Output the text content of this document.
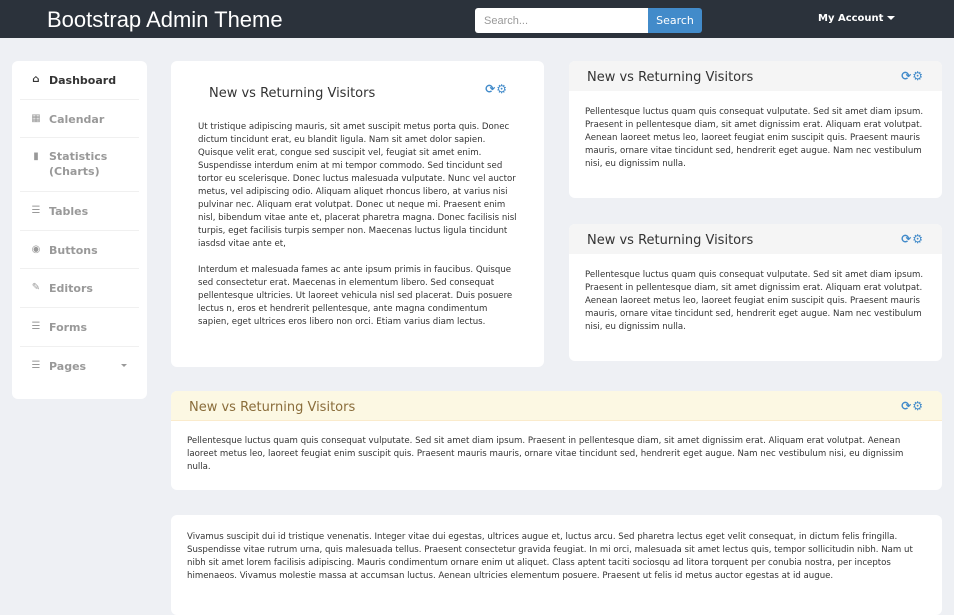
Bootstrap Admin Theme
Search...	Search	My Account
⌂ Dashboard
▦ Calendar
▮ Statistics (Charts)
☰ Tables
◉ Buttons
✎ Editors
☰ Forms
☰ Pages
New vs Returning Visitors	⟳⚙

Ut tristique adipiscing mauris, sit amet suscipit metus porta quis. Donec dictum tincidunt erat, eu blandit ligula. Nam sit amet dolor sapien. Quisque velit erat, congue sed suscipit vel, feugiat sit amet enim. Suspendisse interdum enim at mi tempor commodo. Sed tincidunt sed tortor eu scelerisque. Donec luctus malesuada vulputate. Nunc vel auctor metus, vel adipiscing odio. Aliquam aliquet rhoncus libero, at varius nisi pulvinar nec. Aliquam erat volutpat. Donec ut neque mi. Praesent enim nisl, bibendum vitae ante et, placerat pharetra magna. Donec facilisis nisl turpis, eget facilisis turpis semper non. Maecenas luctus ligula tincidunt iasdsd vitae ante et,

Interdum et malesuada fames ac ante ipsum primis in faucibus. Quisque sed consectetur erat. Maecenas in elementum libero. Sed consequat pellentesque ultricies. Ut laoreet vehicula nisl sed placerat. Duis posuere lectus n, eros et hendrerit pellentesque, ante magna condimentum sapien, eget ultrices eros libero non orci. Etiam varius diam lectus.

New vs Returning Visitors	⟳⚙
Pellentesque luctus quam quis consequat vulputate. Sed sit amet diam ipsum. Praesent in pellentesque diam, sit amet dignissim erat. Aliquam erat volutpat. Aenean laoreet metus leo, laoreet feugiat enim suscipit quis. Praesent mauris mauris, ornare vitae tincidunt sed, hendrerit eget augue. Nam nec vestibulum nisi, eu dignissim nulla.
New vs Returning Visitors	⟳⚙
Pellentesque luctus quam quis consequat vulputate. Sed sit amet diam ipsum. Praesent in pellentesque diam, sit amet dignissim erat. Aliquam erat volutpat. Aenean laoreet metus leo, laoreet feugiat enim suscipit quis. Praesent mauris mauris, ornare vitae tincidunt sed, hendrerit eget augue. Nam nec vestibulum nisi, eu dignissim nulla.
New vs Returning Visitors	⟳⚙
Pellentesque luctus quam quis consequat vulputate. Sed sit amet diam ipsum. Praesent in pellentesque diam, sit amet dignissim erat. Aliquam erat volutpat. Aenean laoreet metus leo, laoreet feugiat enim suscipit quis. Praesent mauris mauris, ornare vitae tincidunt sed, hendrerit eget augue. Nam nec vestibulum nisi, eu dignissim nulla.
Vivamus suscipit dui id tristique venenatis. Integer vitae dui egestas, ultrices augue et, luctus arcu. Sed pharetra lectus eget velit consequat, in dictum felis fringilla. Suspendisse vitae rutrum urna, quis malesuada tellus. Praesent consectetur gravida feugiat. In mi orci, malesuada sit amet lectus quis, tempor sollicitudin nibh. Nam ut nibh sit amet lorem facilisis adipiscing. Mauris condimentum ornare enim ut aliquet. Class aptent taciti sociosqu ad litora torquent per conubia nostra, per inceptos himenaeos. Vivamus molestie massa at accumsan luctus. Aenean ultricies elementum posuere. Praesent ut felis id metus auctor egestas at id augue.
